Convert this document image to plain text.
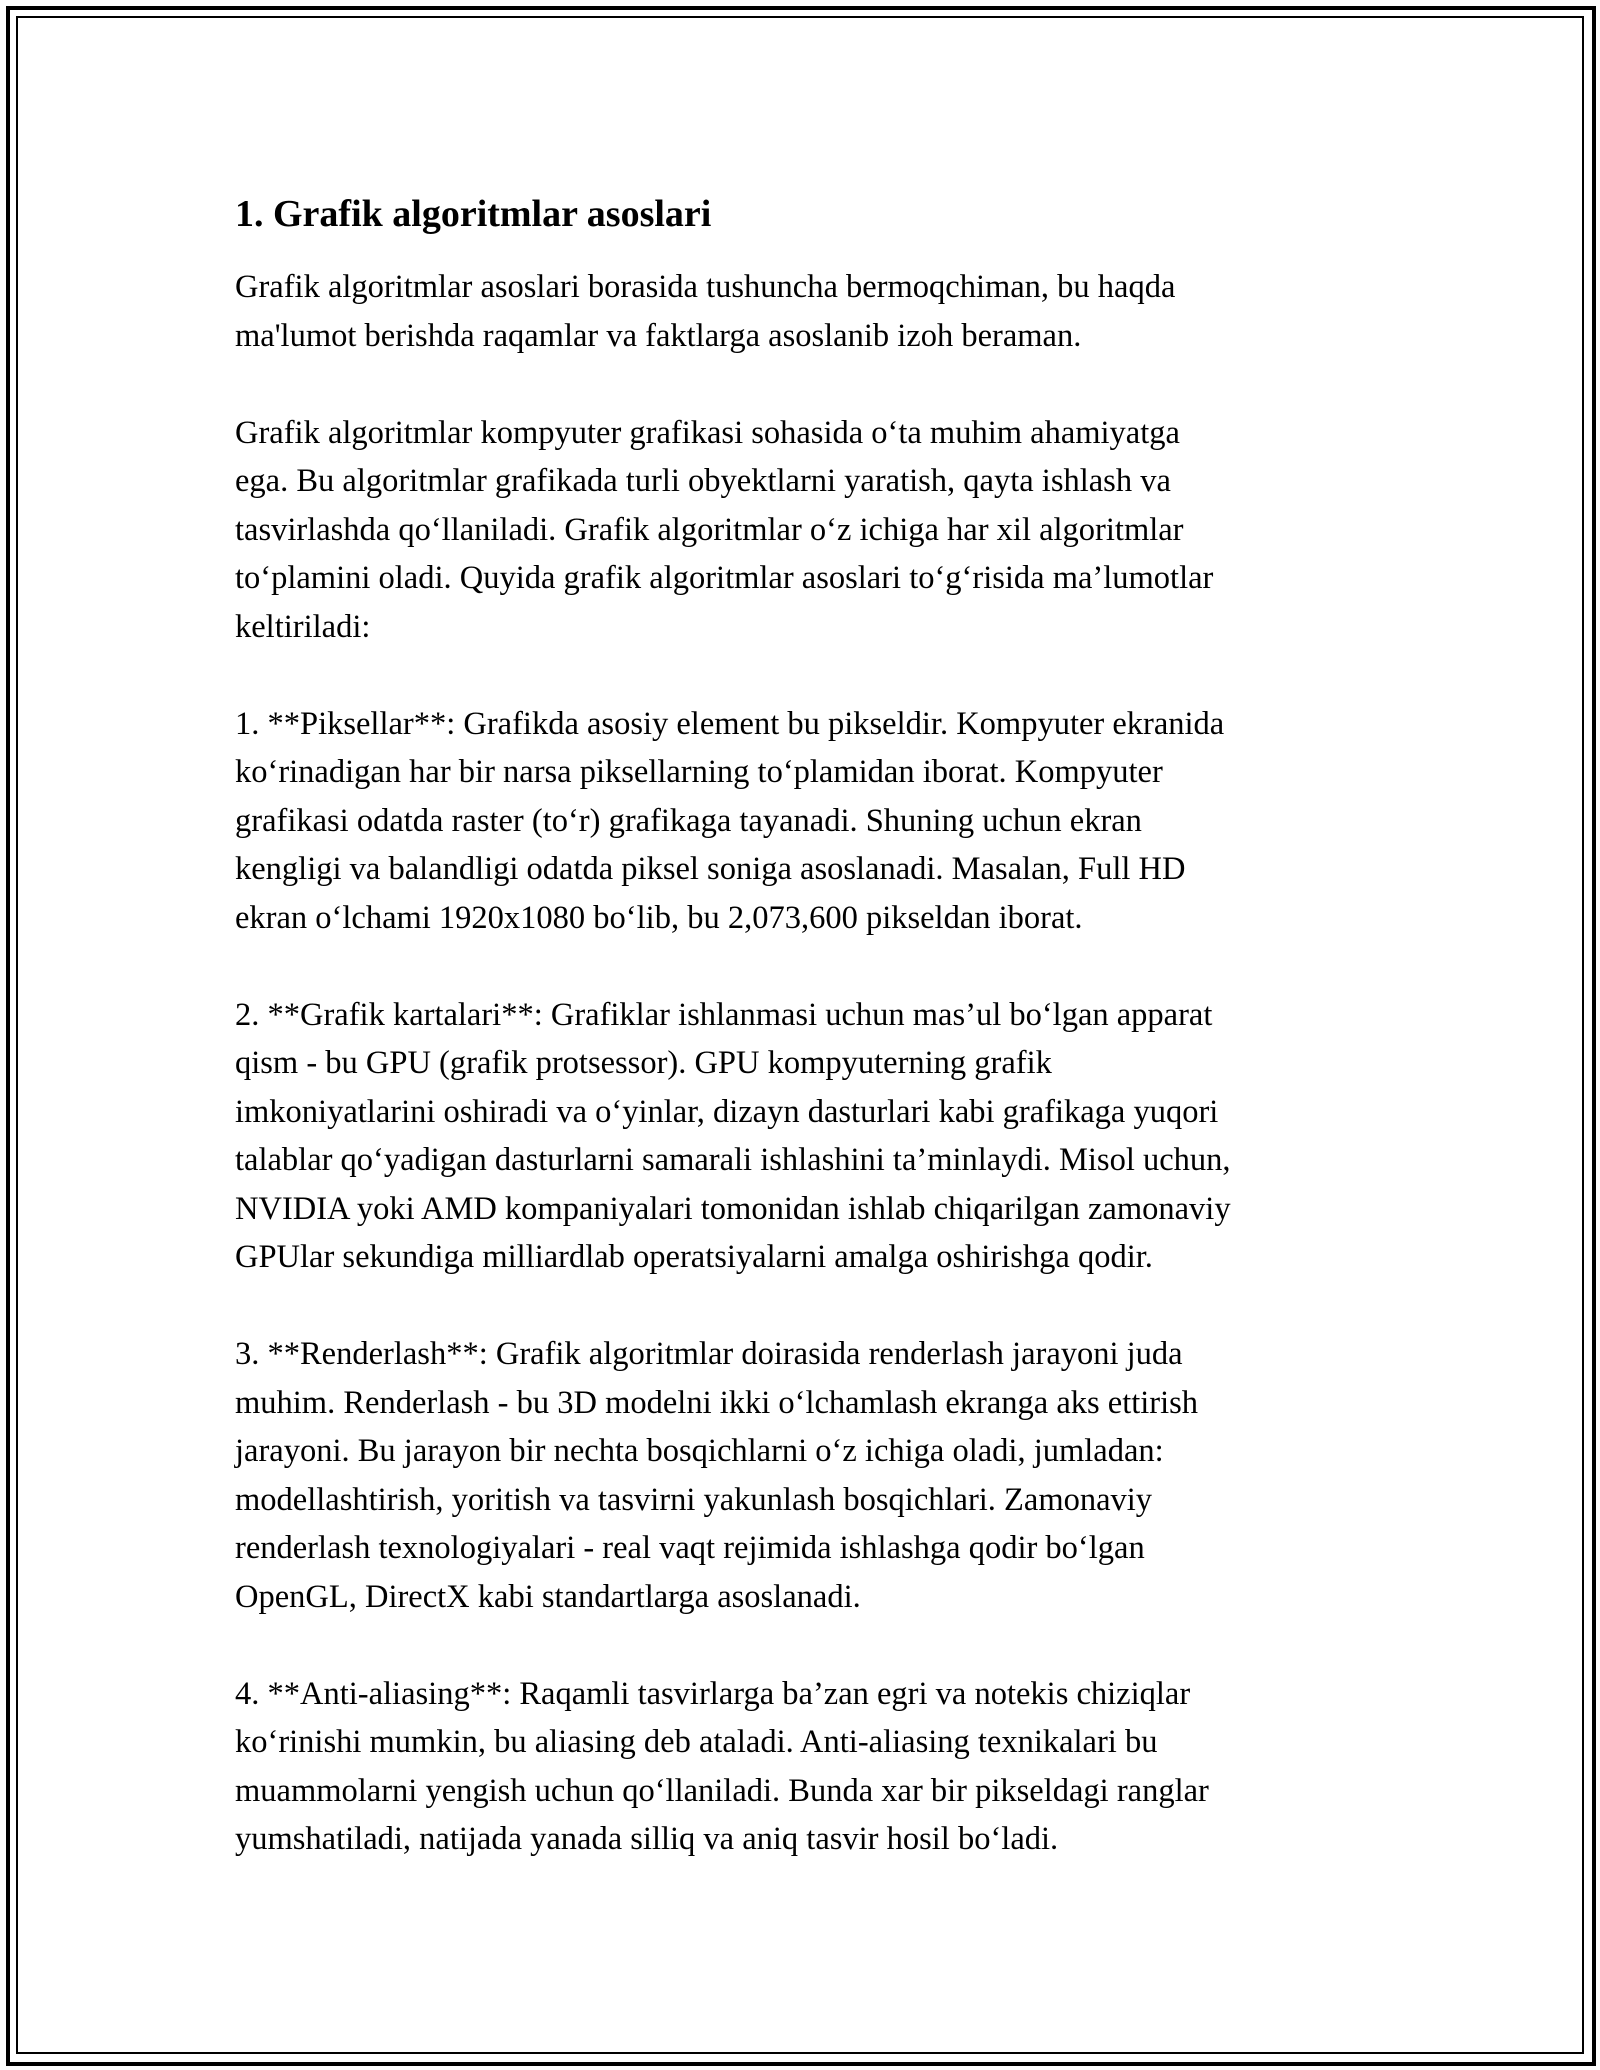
1. Grafik algoritmlar asoslari
Grafik algoritmlar asoslari borasida tushuncha bermoqchiman, bu haqda
ma'lumot berishda raqamlar va faktlarga asoslanib izoh beraman.
Grafik algoritmlar kompyuter grafikasi sohasida o‘ta muhim ahamiyatga
ega. Bu algoritmlar grafikada turli obyektlarni yaratish, qayta ishlash va
tasvirlashda qo‘llaniladi. Grafik algoritmlar o‘z ichiga har xil algoritmlar
to‘plamini oladi. Quyida grafik algoritmlar asoslari to‘g‘risida ma’lumotlar
keltiriladi:
1. **Piksellar**: Grafikda asosiy element bu pikseldir. Kompyuter ekranida
ko‘rinadigan har bir narsa piksellarning to‘plamidan iborat. Kompyuter
grafikasi odatda raster (to‘r) grafikaga tayanadi. Shuning uchun ekran
kengligi va balandligi odatda piksel soniga asoslanadi. Masalan, Full HD
ekran o‘lchami 1920x1080 bo‘lib, bu 2,073,600 pikseldan iborat.
2. **Grafik kartalari**: Grafiklar ishlanmasi uchun mas’ul bo‘lgan apparat
qism - bu GPU (grafik protsessor). GPU kompyuterning grafik
imkoniyatlarini oshiradi va o‘yinlar, dizayn dasturlari kabi grafikaga yuqori
talablar qo‘yadigan dasturlarni samarali ishlashini ta’minlaydi. Misol uchun,
NVIDIA yoki AMD kompaniyalari tomonidan ishlab chiqarilgan zamonaviy
GPUlar sekundiga milliardlab operatsiyalarni amalga oshirishga qodir.
3. **Renderlash**: Grafik algoritmlar doirasida renderlash jarayoni juda
muhim. Renderlash - bu 3D modelni ikki o‘lchamlash ekranga aks ettirish
jarayoni. Bu jarayon bir nechta bosqichlarni o‘z ichiga oladi, jumladan:
modellashtirish, yoritish va tasvirni yakunlash bosqichlari. Zamonaviy
renderlash texnologiyalari - real vaqt rejimida ishlashga qodir bo‘lgan
OpenGL, DirectX kabi standartlarga asoslanadi.
4. **Anti-aliasing**: Raqamli tasvirlarga ba’zan egri va notekis chiziqlar
ko‘rinishi mumkin, bu aliasing deb ataladi. Anti-aliasing texnikalari bu
muammolarni yengish uchun qo‘llaniladi. Bunda xar bir pikseldagi ranglar
yumshatiladi, natijada yanada silliq va aniq tasvir hosil bo‘ladi.
